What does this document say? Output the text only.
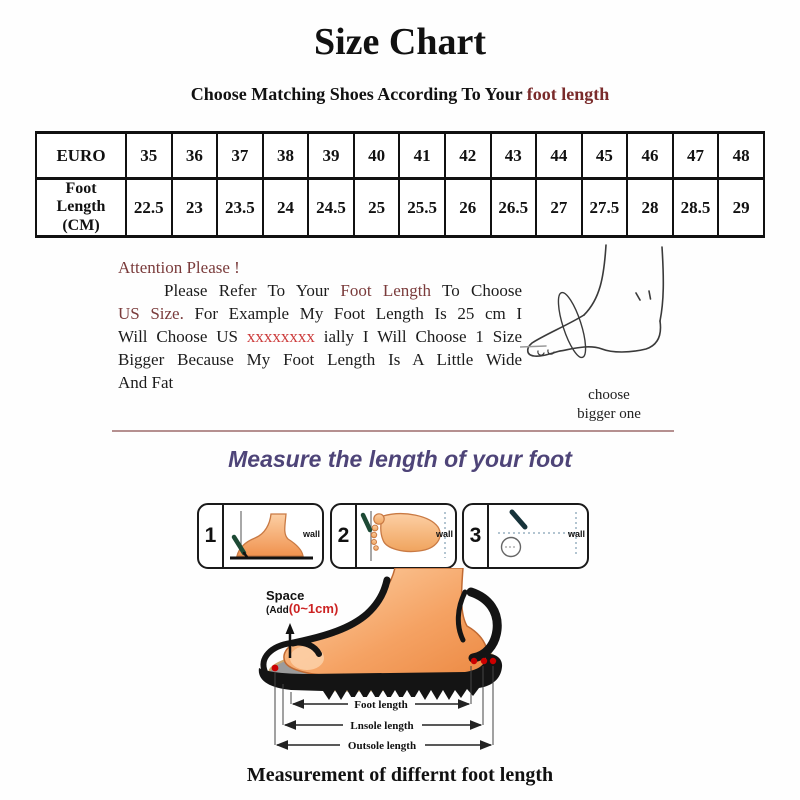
Size Chart
Choose Matching Shoes According To Your foot length
EURO	35	36	37	38	39	40	41	42	43	44	45	46	47	48
Foot Length (CM)	22.5	23	23.5	24	24.5	25	25.5	26	26.5	27	27.5	28	28.5	29
Attention Please !
Please Refer To Your Foot Length To Choose
US Size. For Example My Foot Length Is 25 cm I
Will Choose US xxxxxxxx ially I Will Choose 1 Size
Bigger Because My Foot Length Is A Little Wide
And Fat
choose
bigger one
Measure the length of your foot
1	wall 2	wall 3	wall
Foot length
Lnsole length
Outsole length
Space
(Add(0~1cm)
Measurement of differnt foot length
